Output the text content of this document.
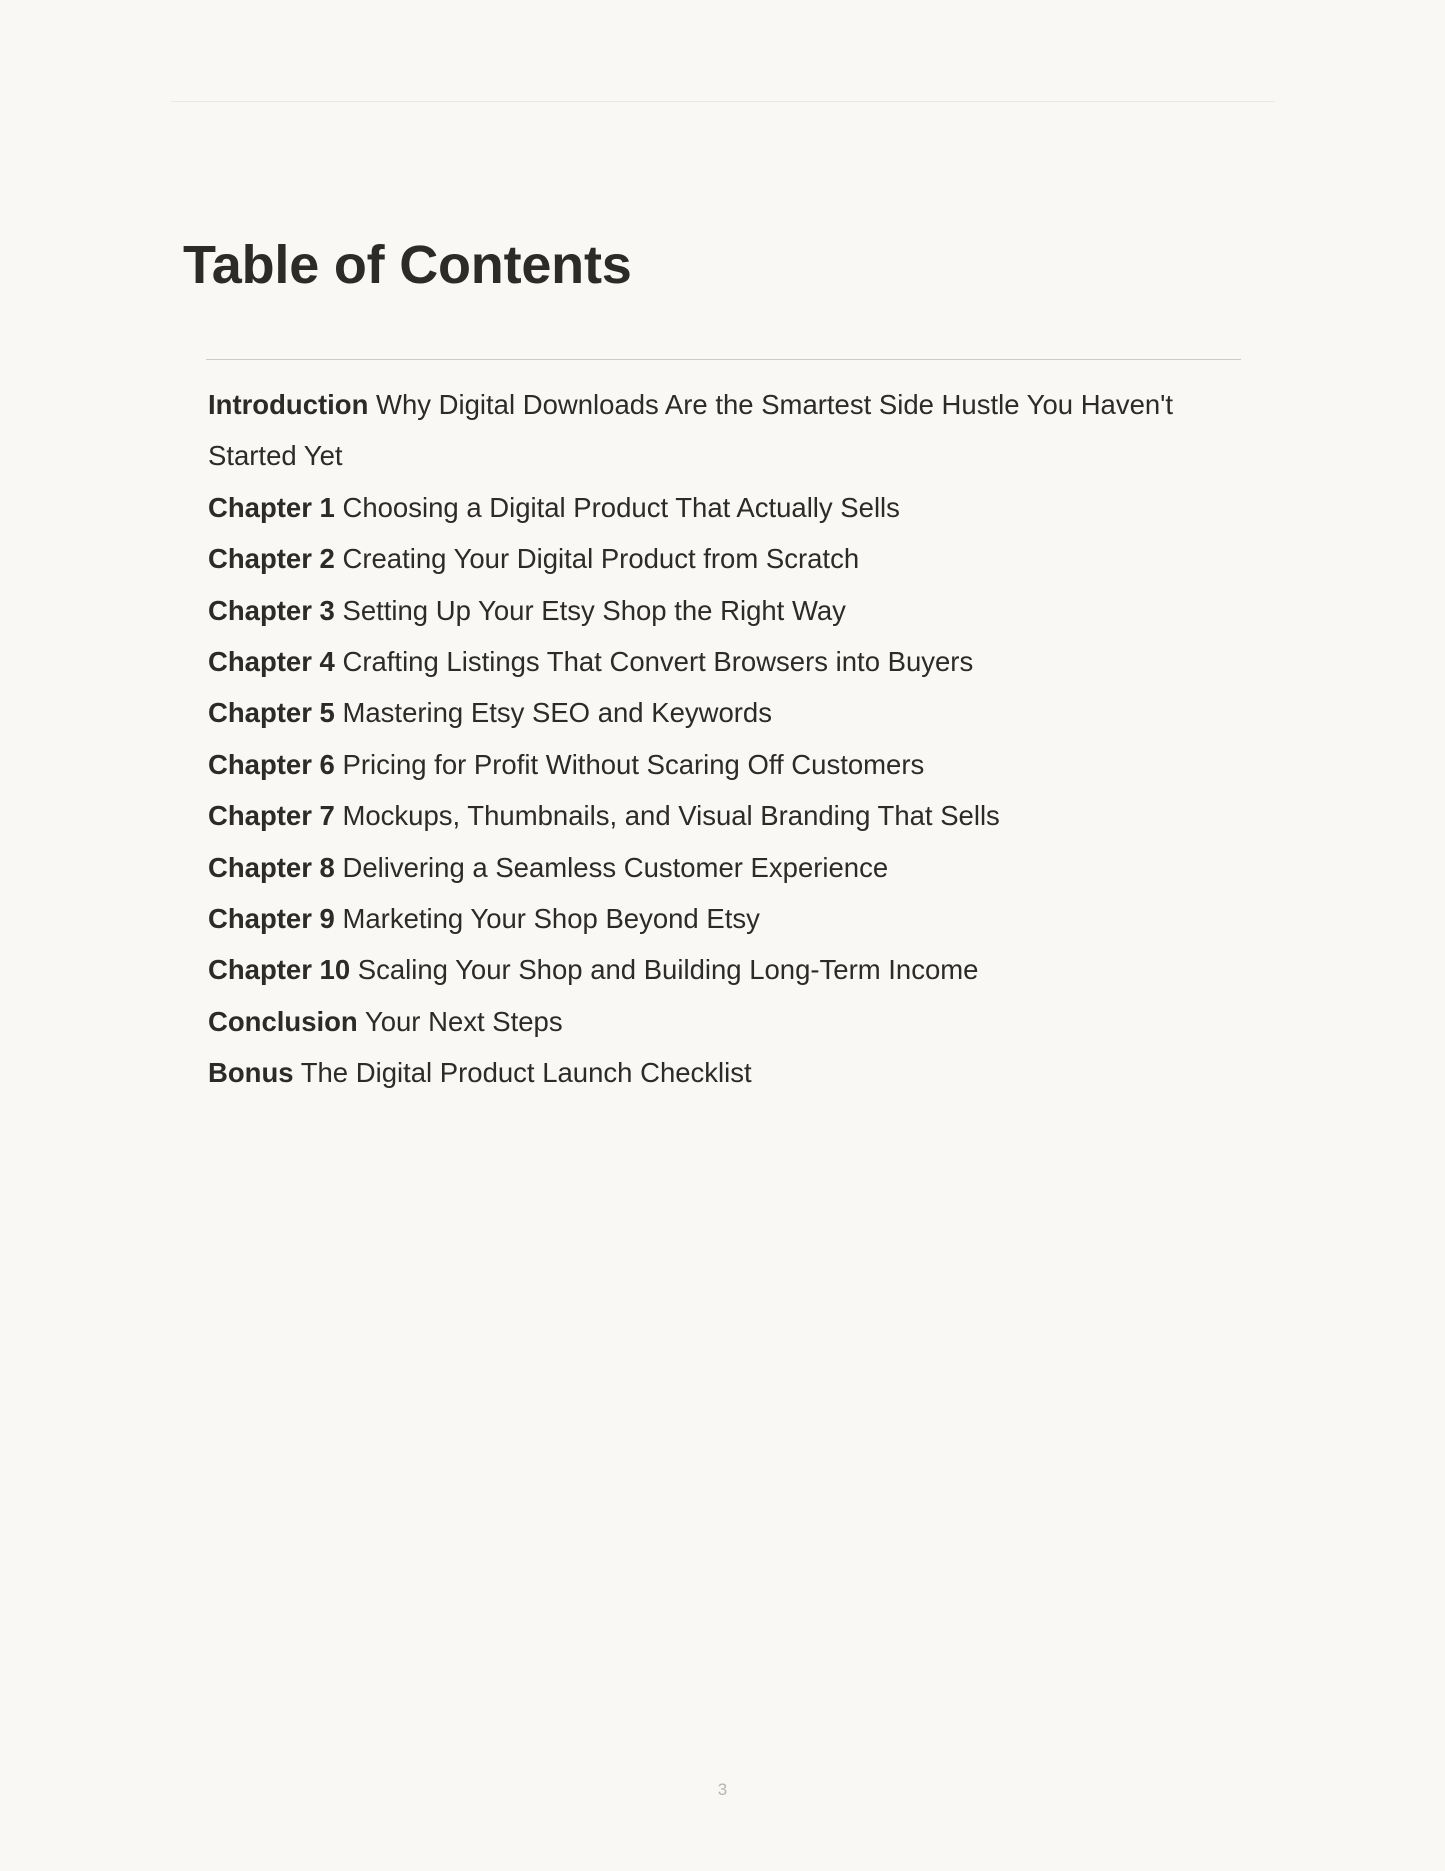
Table of Contents
Introduction Why Digital Downloads Are the Smartest Side Hustle You Haven't Started Yet
Chapter 1 Choosing a Digital Product That Actually Sells
Chapter 2 Creating Your Digital Product from Scratch
Chapter 3 Setting Up Your Etsy Shop the Right Way
Chapter 4 Crafting Listings That Convert Browsers into Buyers
Chapter 5 Mastering Etsy SEO and Keywords
Chapter 6 Pricing for Profit Without Scaring Off Customers
Chapter 7 Mockups, Thumbnails, and Visual Branding That Sells
Chapter 8 Delivering a Seamless Customer Experience
Chapter 9 Marketing Your Shop Beyond Etsy
Chapter 10 Scaling Your Shop and Building Long-Term Income
Conclusion Your Next Steps
Bonus The Digital Product Launch Checklist
3
